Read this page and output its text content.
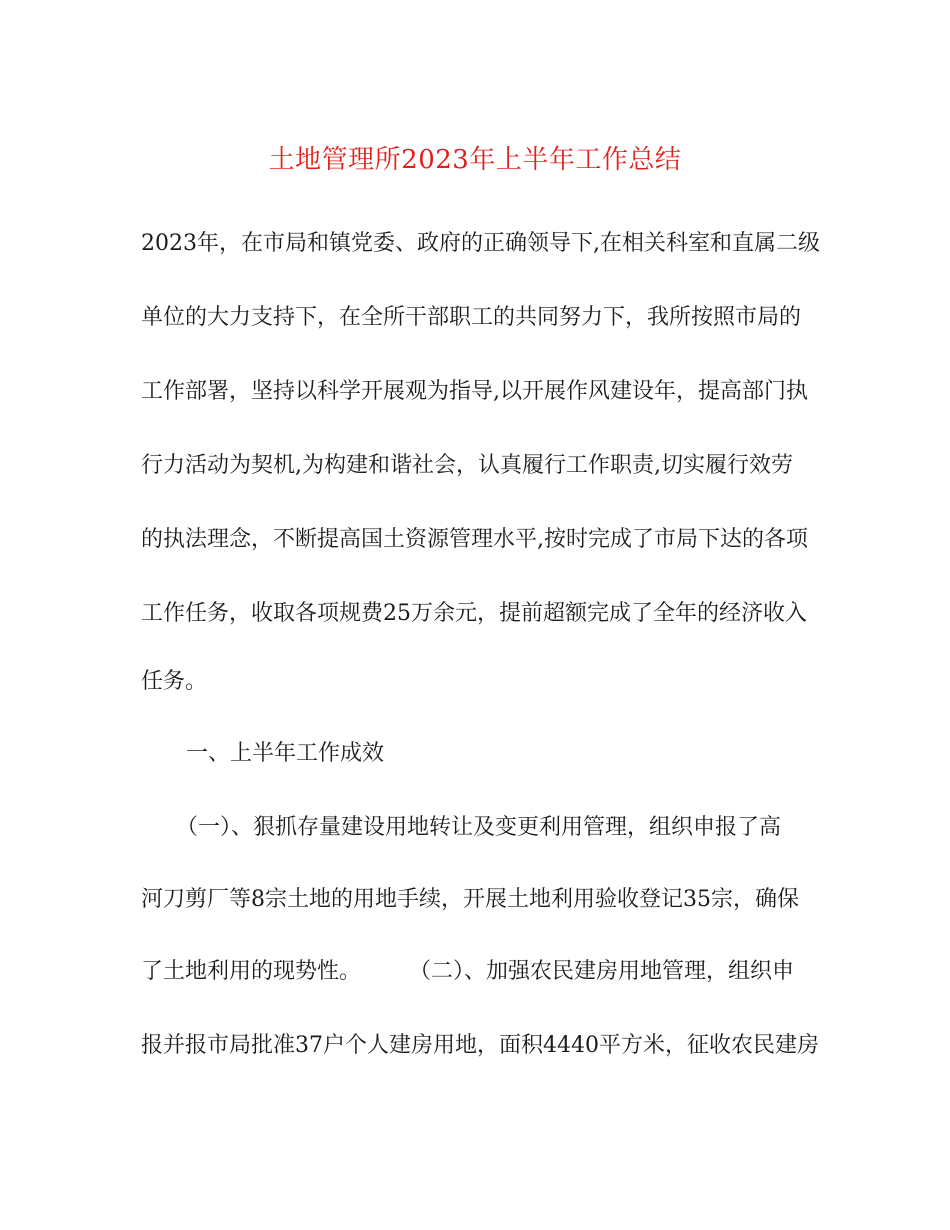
土地管理所2023年上半年工作总结
2023年，在市局和镇党委、政府的正确领导下,在相关科室和直属二级
单位的大力支持下，在全所干部职工的共同努力下，我所按照市局的
工作部署，坚持以科学开展观为指导,以开展作风建设年，提高部门执
行力活动为契机,为构建和谐社会，认真履行工作职责,切实履行效劳
的执法理念，不断提高国土资源管理水平,按时完成了市局下达的各项
工作任务，收取各项规费25万余元，提前超额完成了全年的经济收入
任务。
一、上半年工作成效
（一）、狠抓存量建设用地转让及变更利用管理，组织申报了高
河刀剪厂等8宗土地的用地手续，开展土地利用验收登记35宗，确保
了土地利用的现势性。 （二）、加强农民建房用地管理，组织申
报并报市局批准37户个人建房用地，面积4440平方米，征收农民建房
